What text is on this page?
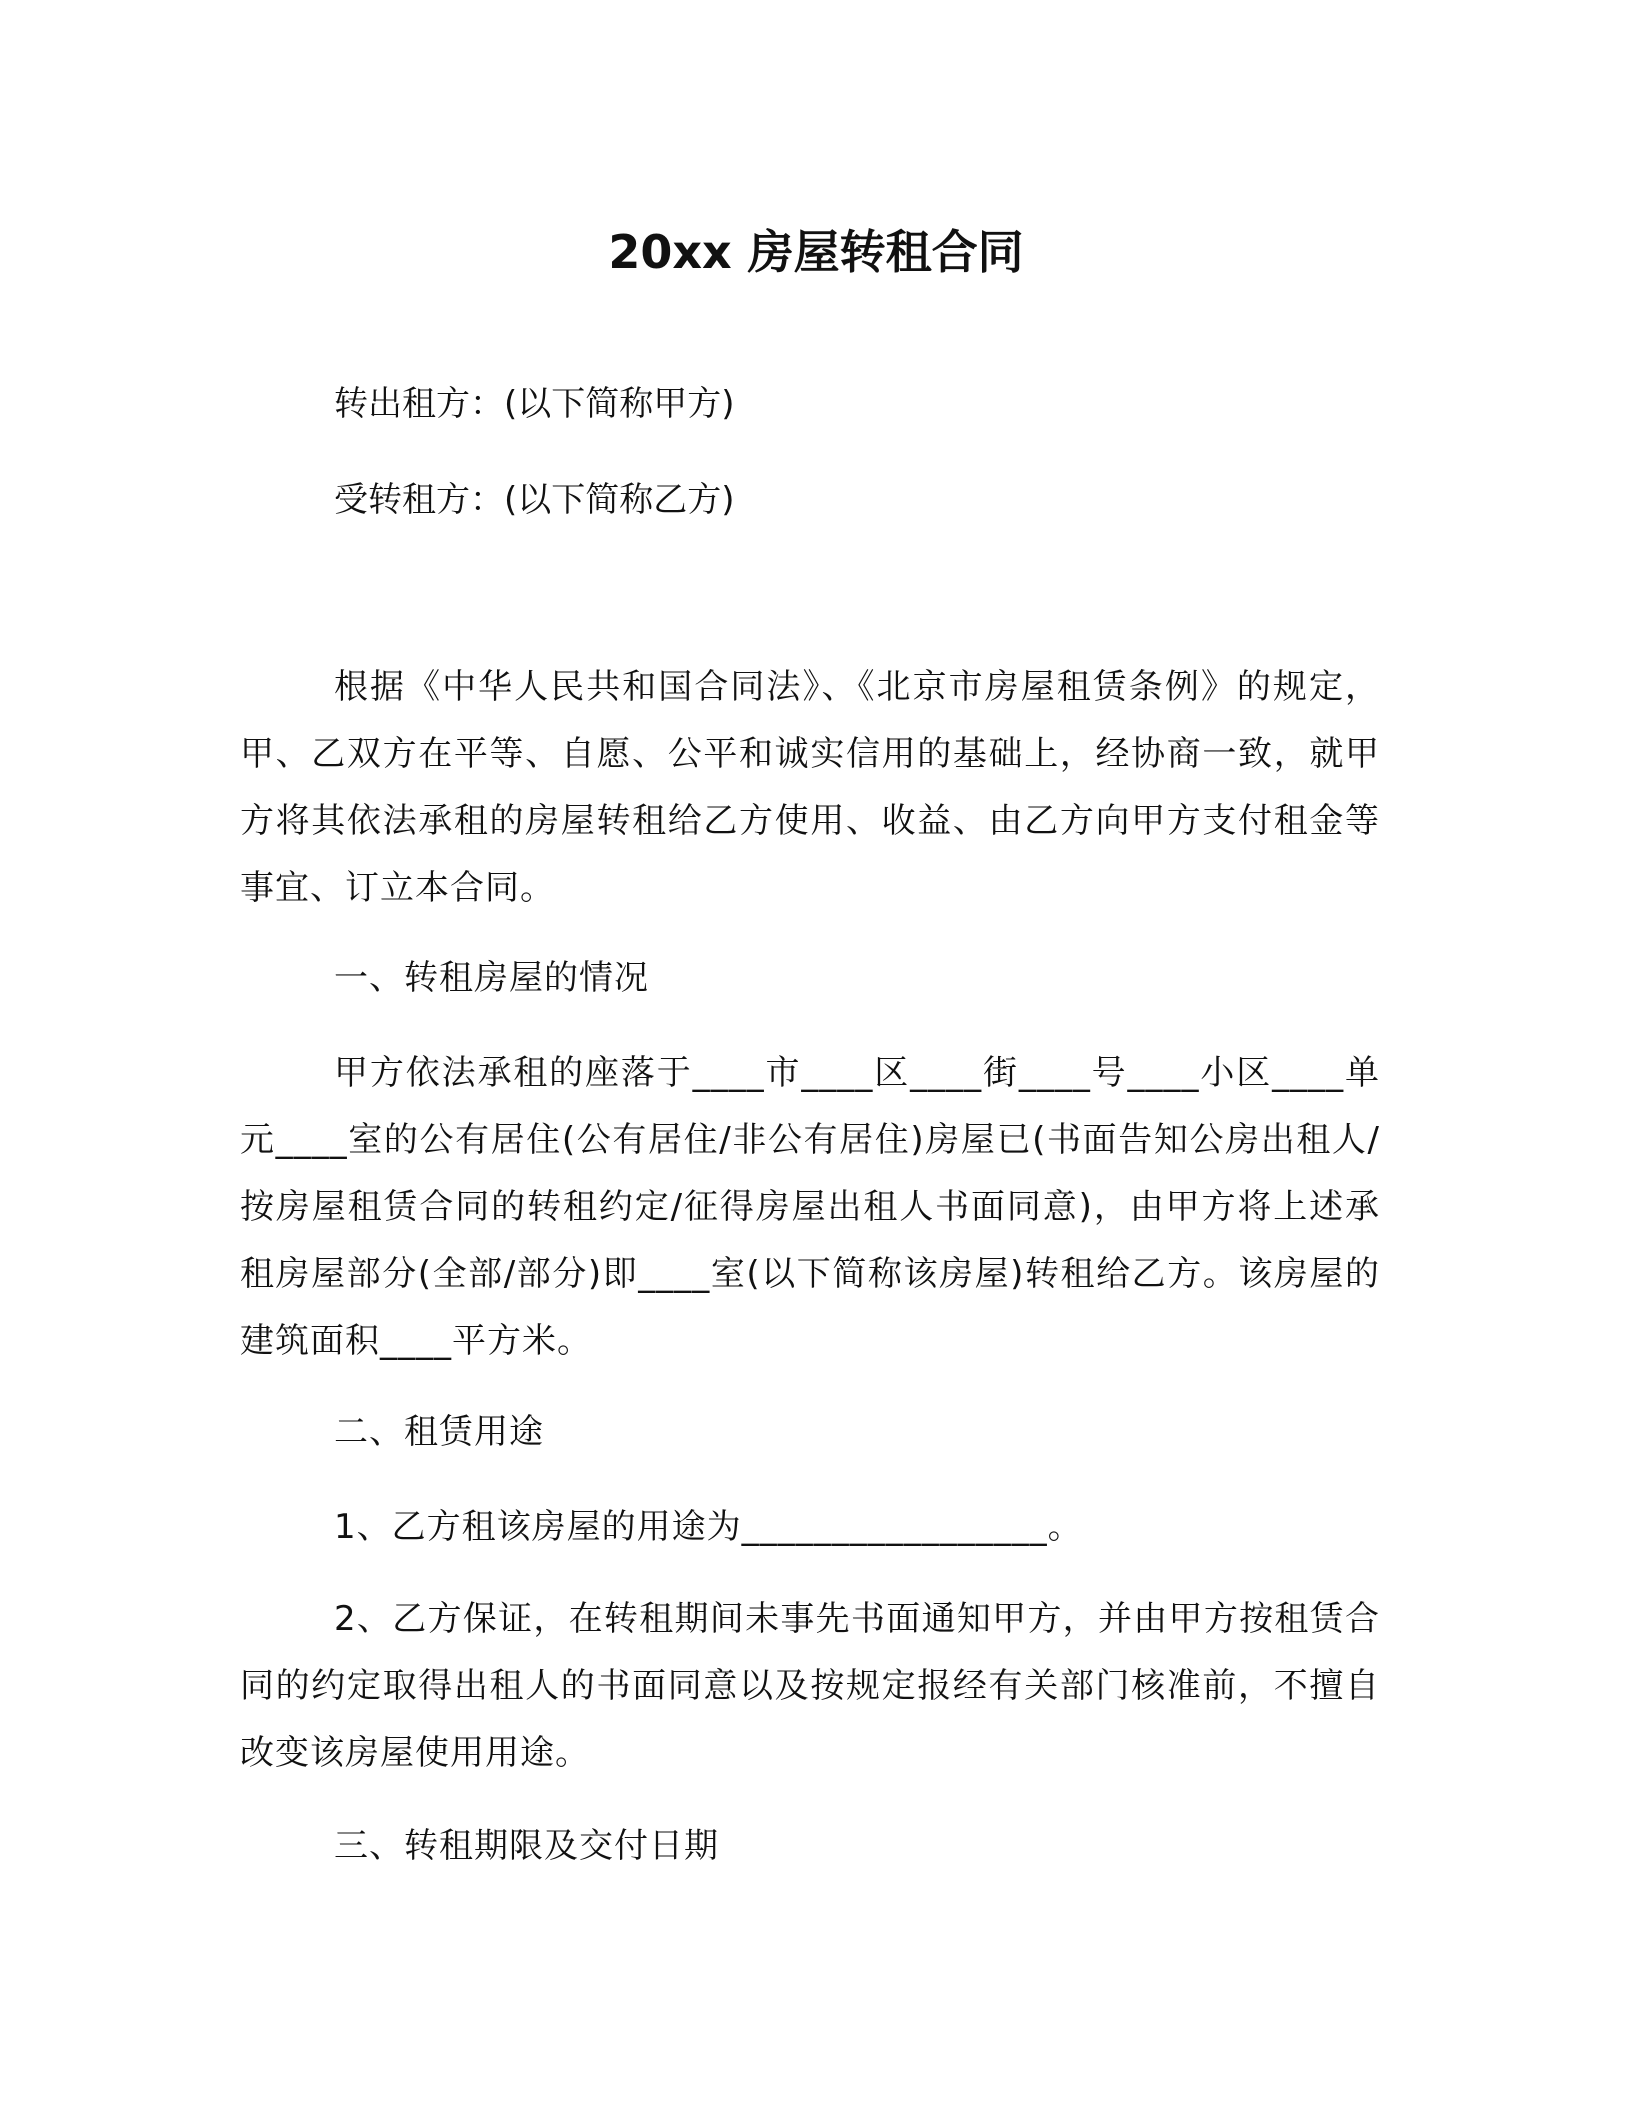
20xx 房屋转租合同

转出租方：(以下简称甲方)

受转租方：(以下简称乙方)

根据《中华人民共和国合同法》、《北京市房屋租赁条例》的规定，甲、乙双方在平等、自愿、公平和诚实信用的基础上，经协商一致，就甲方将其依法承租的房屋转租给乙方使用、收益、由乙方向甲方支付租金等事宜、订立本合同。

一、转租房屋的情况

甲方依法承租的座落于____市____区____街____号____小区____单元____室的公有居住(公有居住/非公有居住)房屋已(书面告知公房出租人/按房屋租赁合同的转租约定/征得房屋出租人书面同意)，由甲方将上述承租房屋部分(全部/部分)即____室(以下简称该房屋)转租给乙方。该房屋的建筑面积____平方米。

二、租赁用途

1、乙方租该房屋的用途为_________________。

2、乙方保证，在转租期间未事先书面通知甲方，并由甲方按租赁合同的约定取得出租人的书面同意以及按规定报经有关部门核准前，不擅自改变该房屋使用用途。

三、转租期限及交付日期
